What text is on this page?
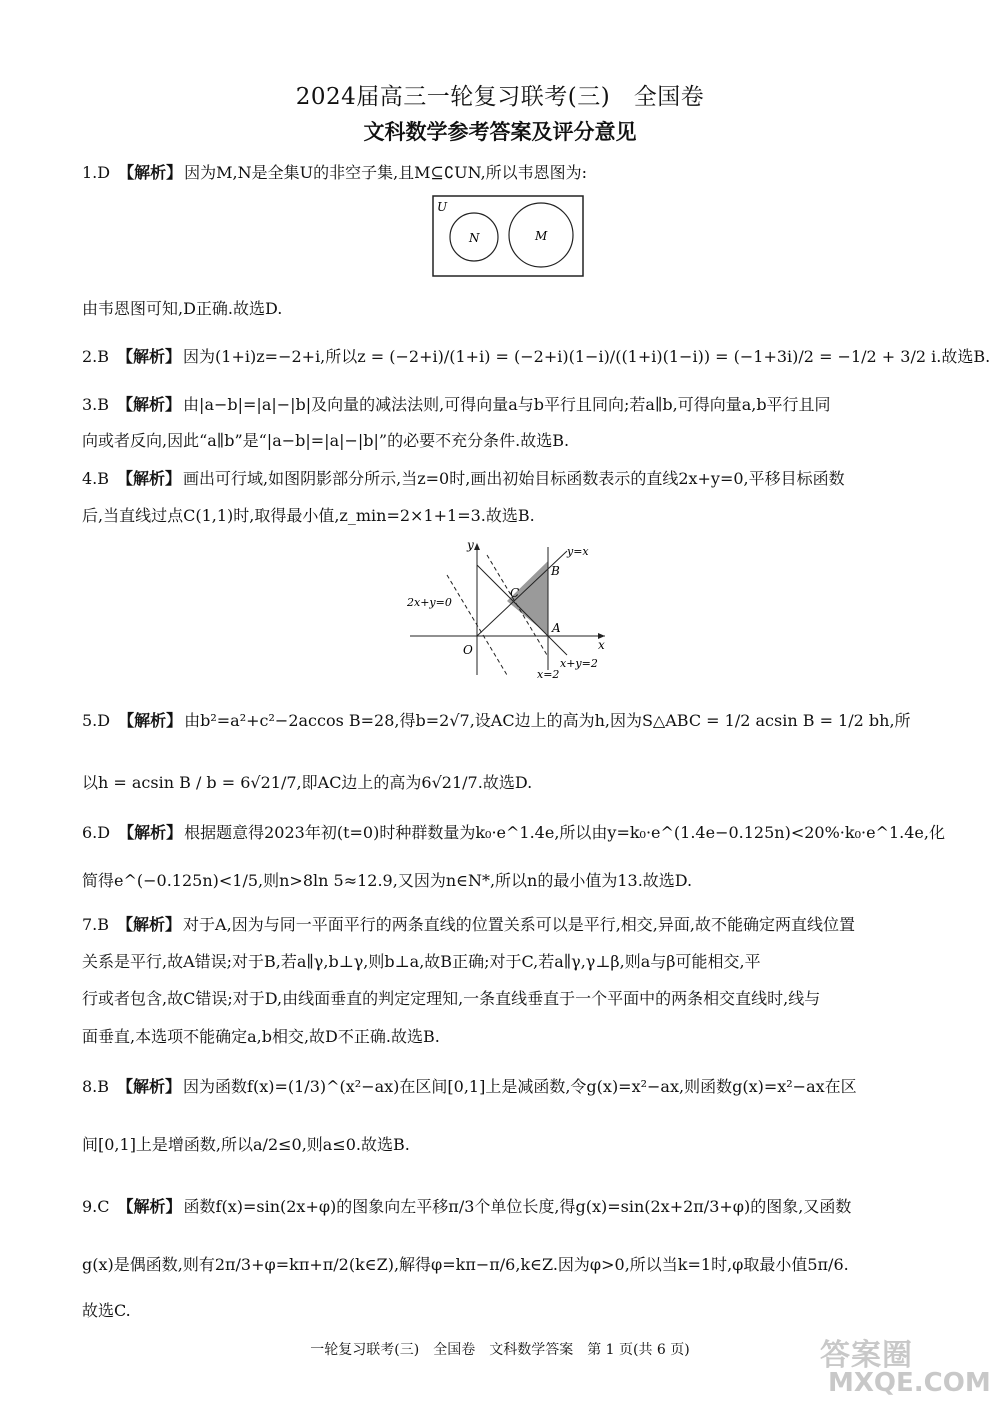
2024届高三一轮复习联考(三)　全国卷
文科数学参考答案及评分意见
1.D 【解析】 因为M,N是全集U的非空子集,且M⊆∁UN,所以韦恩图为:
U
N	M
由韦恩图可知,D正确.故选D.
2.B 【解析】 因为(1+i)z=−2+i,所以z = (−2+i)/(1+i) = (−2+i)(1−i)/((1+i)(1−i)) = (−1+3i)/2 = −1/2 + 3/2 i.故选B.
3.B 【解析】 由|a−b|=|a|−|b|及向量的减法法则,可得向量a与b平行且同向;若a∥b,可得向量a,b平行且同
向或者反向,因此“a∥b”是“|a−b|=|a|−|b|”的必要不充分条件.故选B.
4.B 【解析】 画出可行域,如图阴影部分所示,当z=0时,画出初始目标函数表示的直线2x+y=0,平移目标函数
后,当直线过点C(1,1)时,取得最小值,z_min=2×1+1=3.故选B.
y
x
O
A
B
C
y=x
2x+y=0
x+y=2
x=2
5.D 【解析】 由b²=a²+c²−2accos B=28,得b=2√7,设AC边上的高为h,因为S△ABC = 1/2 acsin B = 1/2 bh,所
以h = acsin B / b = 6√21/7,即AC边上的高为6√21/7.故选D.
6.D 【解析】 根据题意得2023年初(t=0)时种群数量为k₀·e^1.4e,所以由y=k₀·e^(1.4e−0.125n)<20%·k₀·e^1.4e,化
简得e^(−0.125n)<1/5,则n>8ln 5≈12.9,又因为n∈N*,所以n的最小值为13.故选D.
7.B 【解析】 对于A,因为与同一平面平行的两条直线的位置关系可以是平行,相交,异面,故不能确定两直线位置
关系是平行,故A错误;对于B,若a∥γ,b⊥γ,则b⊥a,故B正确;对于C,若a∥γ,γ⊥β,则a与β可能相交,平
行或者包含,故C错误;对于D,由线面垂直的判定定理知,一条直线垂直于一个平面中的两条相交直线时,线与
面垂直,本选项不能确定a,b相交,故D不正确.故选B.
8.B 【解析】 因为函数f(x)=(1/3)^(x²−ax)在区间[0,1]上是减函数,令g(x)=x²−ax,则函数g(x)=x²−ax在区
间[0,1]上是增函数,所以a/2≤0,则a≤0.故选B.
9.C 【解析】 函数f(x)=sin(2x+φ)的图象向左平移π/3个单位长度,得g(x)=sin(2x+2π/3+φ)的图象,又函数
g(x)是偶函数,则有2π/3+φ=kπ+π/2(k∈Z),解得φ=kπ−π/6,k∈Z.因为φ>0,所以当k=1时,φ取最小值5π/6.
故选C.
一轮复习联考(三)　全国卷　文科数学答案　第 1 页(共 6 页)	答案圈
MXQE.COM
